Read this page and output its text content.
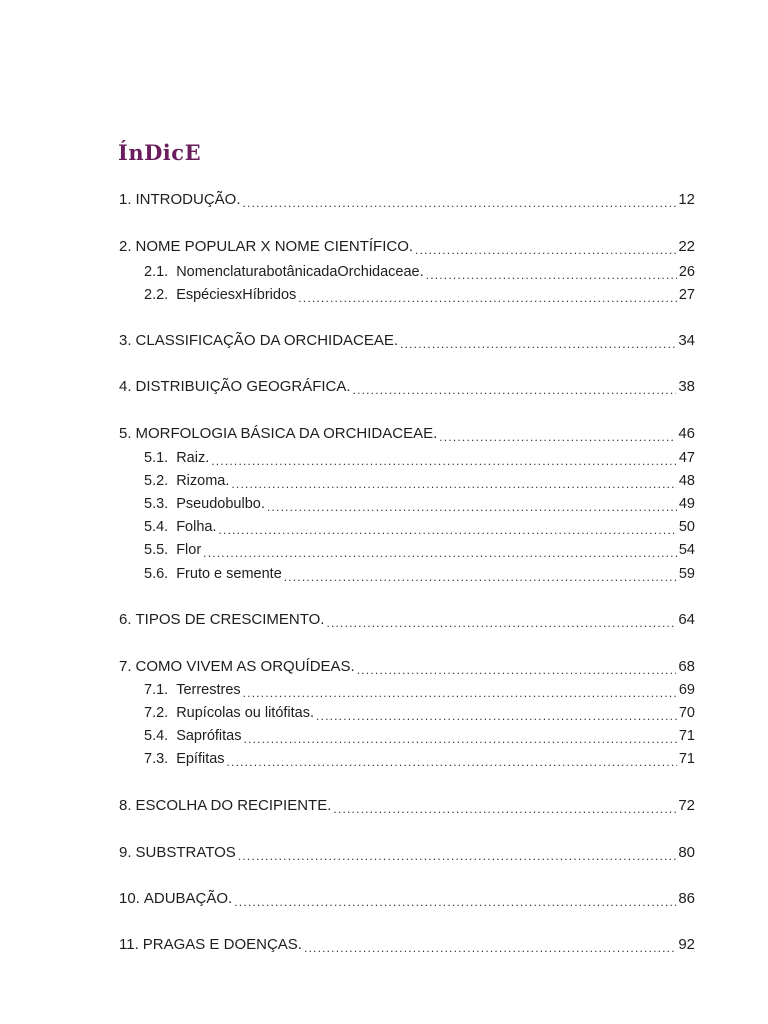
ÍnDicE
1. INTRODUÇÃO. .....	12
2. NOME POPULAR X NOME CIENTÍFICO. .....	22
2.1. NomenclaturabotânicadaOrchidaceae. .....	26
2.2. EspéciesxHíbridos .....	27
3. CLASSIFICAÇÃO DA ORCHIDACEAE. .....	34
4. DISTRIBUIÇÃO GEOGRÁFICA. .....	38
5. MORFOLOGIA BÁSICA DA ORCHIDACEAE. .....	46
5.1. Raiz. .....	47
5.2. Rizoma. .....	48
5.3. Pseudobulbo. .....	49
5.4. Folha. .....	50
5.5. Flor .....	54
5.6. Fruto e semente .....	59
6. TIPOS DE CRESCIMENTO. .....	64
7. COMO VIVEM AS ORQUÍDEAS. .....	68
7.1. Terrestres .....	69
7.2. Rupícolas ou litófitas. .....	70
5.4. Saprófitas .....	71
7.3. Epífitas .....	71
8. ESCOLHA DO RECIPIENTE. .....	72
9. SUBSTRATOS .....	80
10. ADUBAÇÃO. .....	86
11. PRAGAS E DOENÇAS. .....	92
